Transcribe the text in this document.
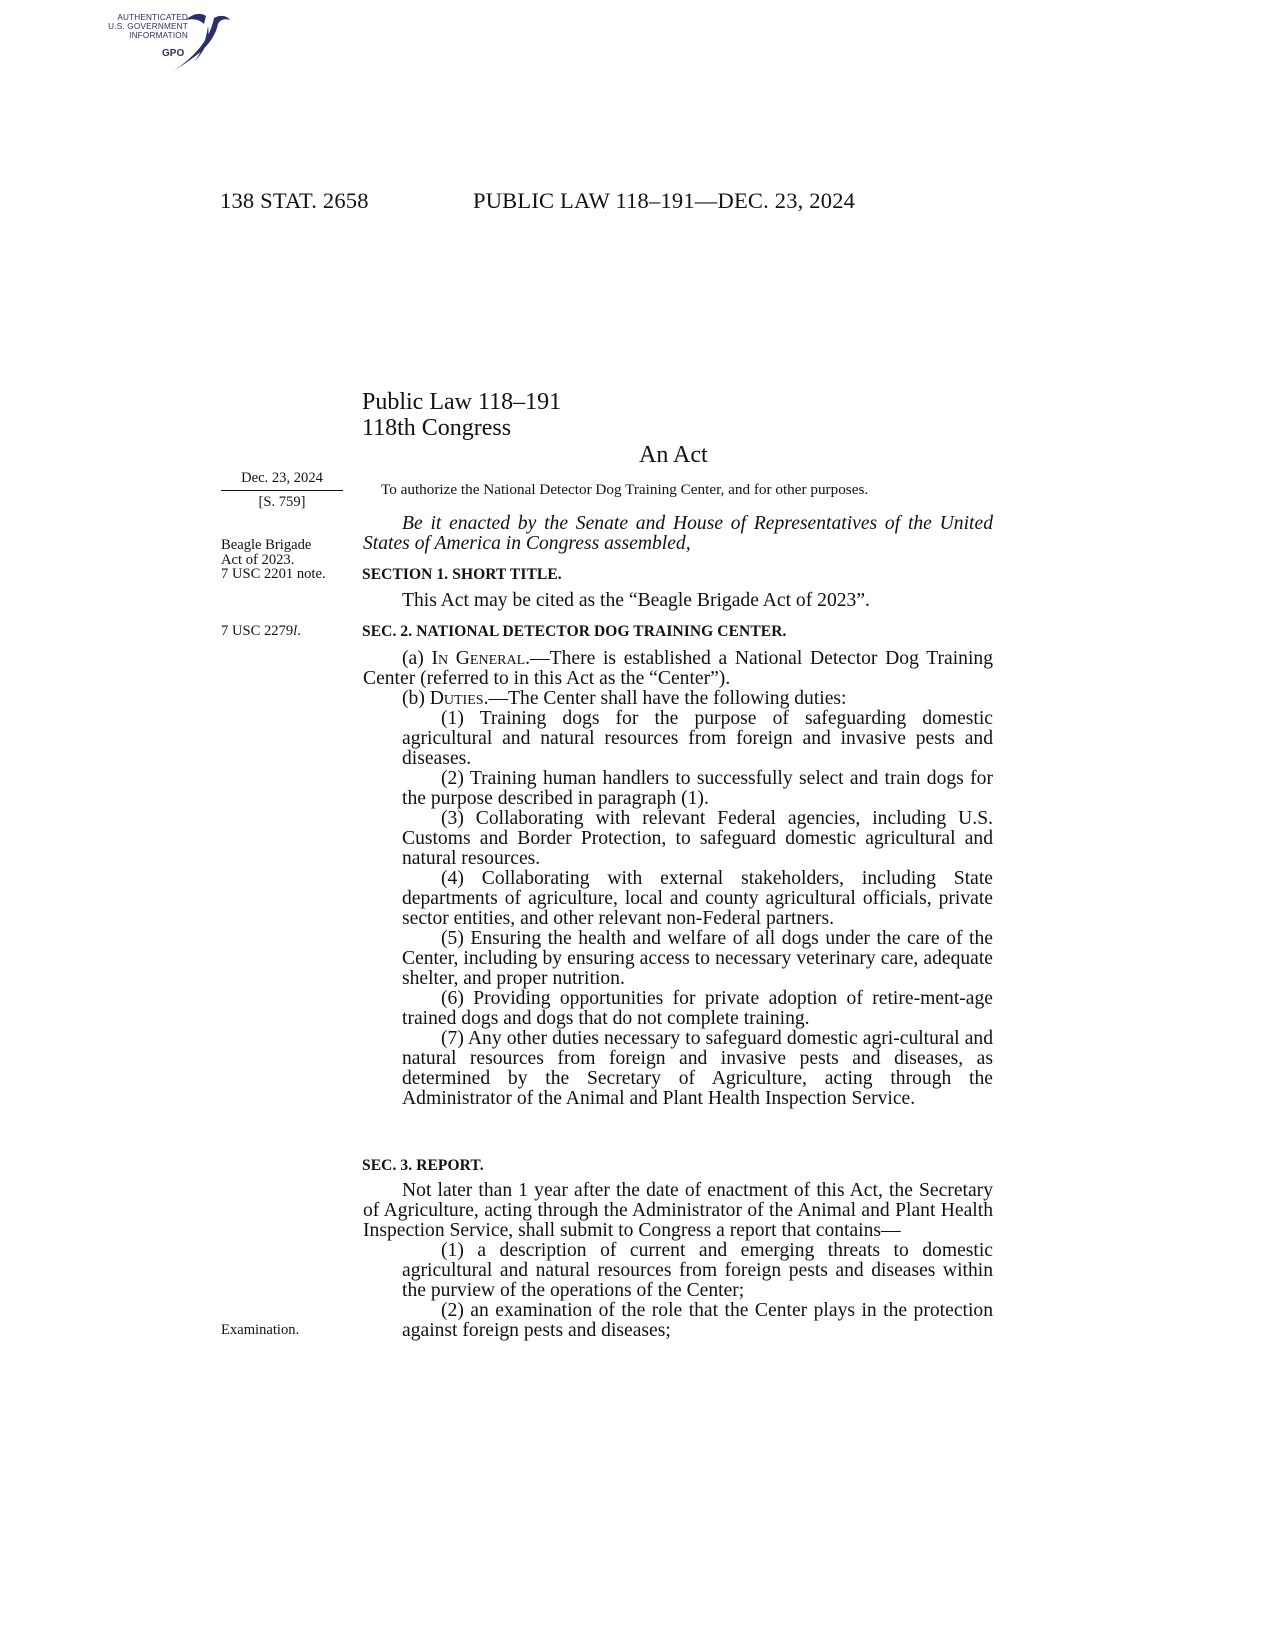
AUTHENTICATED
U.S. GOVERNMENT
INFORMATION
GPO
138 STAT. 2658	PUBLIC LAW 118–191—DEC. 23, 2024
Public Law 118–191
118th Congress
An Act
Dec. 23, 2024
[S. 759]
To authorize the National Detector Dog Training Center, and for other purposes.
Beagle Brigade
Act of 2023.
7 USC 2201 note.
7 USC 2279l.
Examination.

Be it enacted by the Senate and House of Representatives of the United States of America in Congress assembled,

SECTION 1. SHORT TITLE.

This Act may be cited as the “Beagle Brigade Act of 2023”.

SEC. 2. NATIONAL DETECTOR DOG TRAINING CENTER.

(a) In General.—There is established a National Detector Dog Training Center (referred to in this Act as the “Center”).

(b) Duties.—The Center shall have the following duties:

(1) Training dogs for the purpose of safeguarding domestic agricultural and natural resources from foreign and invasive pests and diseases.

(2) Training human handlers to successfully select and train dogs for the purpose described in paragraph (1).

(3) Collaborating with relevant Federal agencies, including U.S. Customs and Border Protection, to safeguard domestic agricultural and natural resources.

(4) Collaborating with external stakeholders, including State departments of agriculture, local and county agricultural officials, private sector entities, and other relevant non-Federal partners.

(5) Ensuring the health and welfare of all dogs under the care of the Center, including by ensuring access to necessary veterinary care, adequate shelter, and proper nutrition.

(6) Providing opportunities for private adoption of retire-ment-age trained dogs and dogs that do not complete training.

(7) Any other duties necessary to safeguard domestic agri-cultural and natural resources from foreign and invasive pests and diseases, as determined by the Secretary of Agriculture, acting through the Administrator of the Animal and Plant Health Inspection Service.

SEC. 3. REPORT.

Not later than 1 year after the date of enactment of this Act, the Secretary of Agriculture, acting through the Administrator of the Animal and Plant Health Inspection Service, shall submit to Congress a report that contains—

(1) a description of current and emerging threats to domestic agricultural and natural resources from foreign pests and diseases within the purview of the operations of the Center;

(2) an examination of the role that the Center plays in the protection against foreign pests and diseases;
